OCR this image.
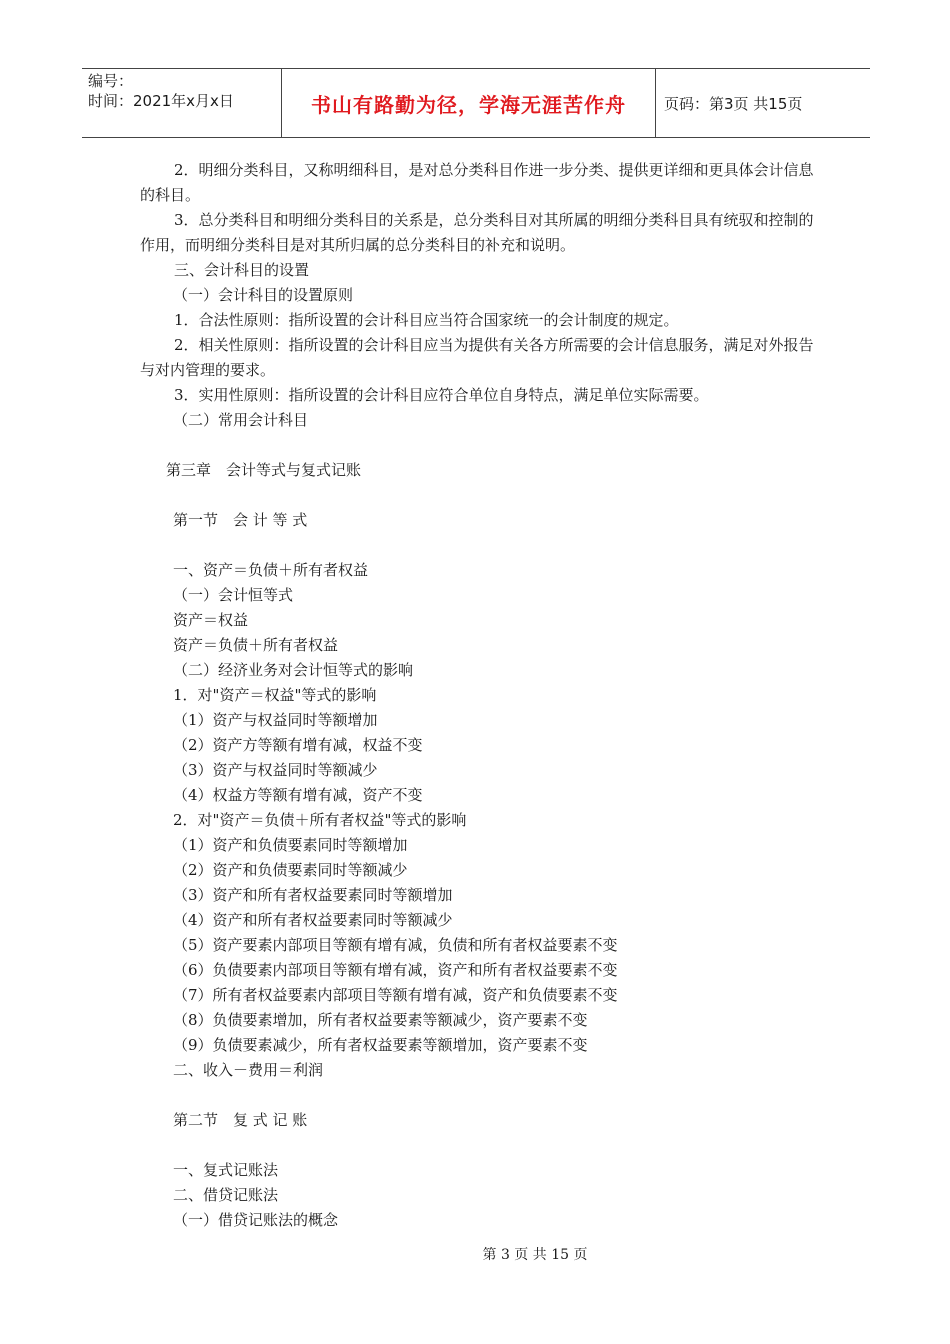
编号：
时间：2021年x月x日	书山有路勤为径，学海无涯苦作舟	页码：第3页 共15页

2．明细分类科目，又称明细科目，是对总分类科目作进一步分类、提供更详细和更具体会计信息的科目。

3．总分类科目和明细分类科目的关系是，总分类科目对其所属的明细分类科目具有统驭和控制的作用，而明细分类科目是对其所归属的总分类科目的补充和说明。

三、会计科目的设置

（一）会计科目的设置原则

1．合法性原则：指所设置的会计科目应当符合国家统一的会计制度的规定。

2．相关性原则：指所设置的会计科目应当为提供有关各方所需要的会计信息服务，满足对外报告与对内管理的要求。

3．实用性原则：指所设置的会计科目应符合单位自身特点，满足单位实际需要。

（二）常用会计科目

第三章　会计等式与复式记账

第一节　会 计 等 式

一、资产＝负债＋所有者权益

（一）会计恒等式

资产＝权益

资产＝负债＋所有者权益

（二）经济业务对会计恒等式的影响

1．对"资产＝权益"等式的影响

（1）资产与权益同时等额增加

（2）资产方等额有增有减，权益不变

（3）资产与权益同时等额减少

（4）权益方等额有增有减，资产不变

2．对"资产＝负债＋所有者权益"等式的影响

（1）资产和负债要素同时等额增加

（2）资产和负债要素同时等额减少

（3）资产和所有者权益要素同时等额增加

（4）资产和所有者权益要素同时等额减少

（5）资产要素内部项目等额有增有减，负债和所有者权益要素不变

（6）负债要素内部项目等额有增有减，资产和所有者权益要素不变

（7）所有者权益要素内部项目等额有增有减，资产和负债要素不变

（8）负债要素增加，所有者权益要素等额减少，资产要素不变

（9）负债要素减少，所有者权益要素等额增加，资产要素不变

二、收入－费用＝利润

第二节　复 式 记 账

一、复式记账法

二、借贷记账法

（一）借贷记账法的概念

第 3 页 共 15 页
